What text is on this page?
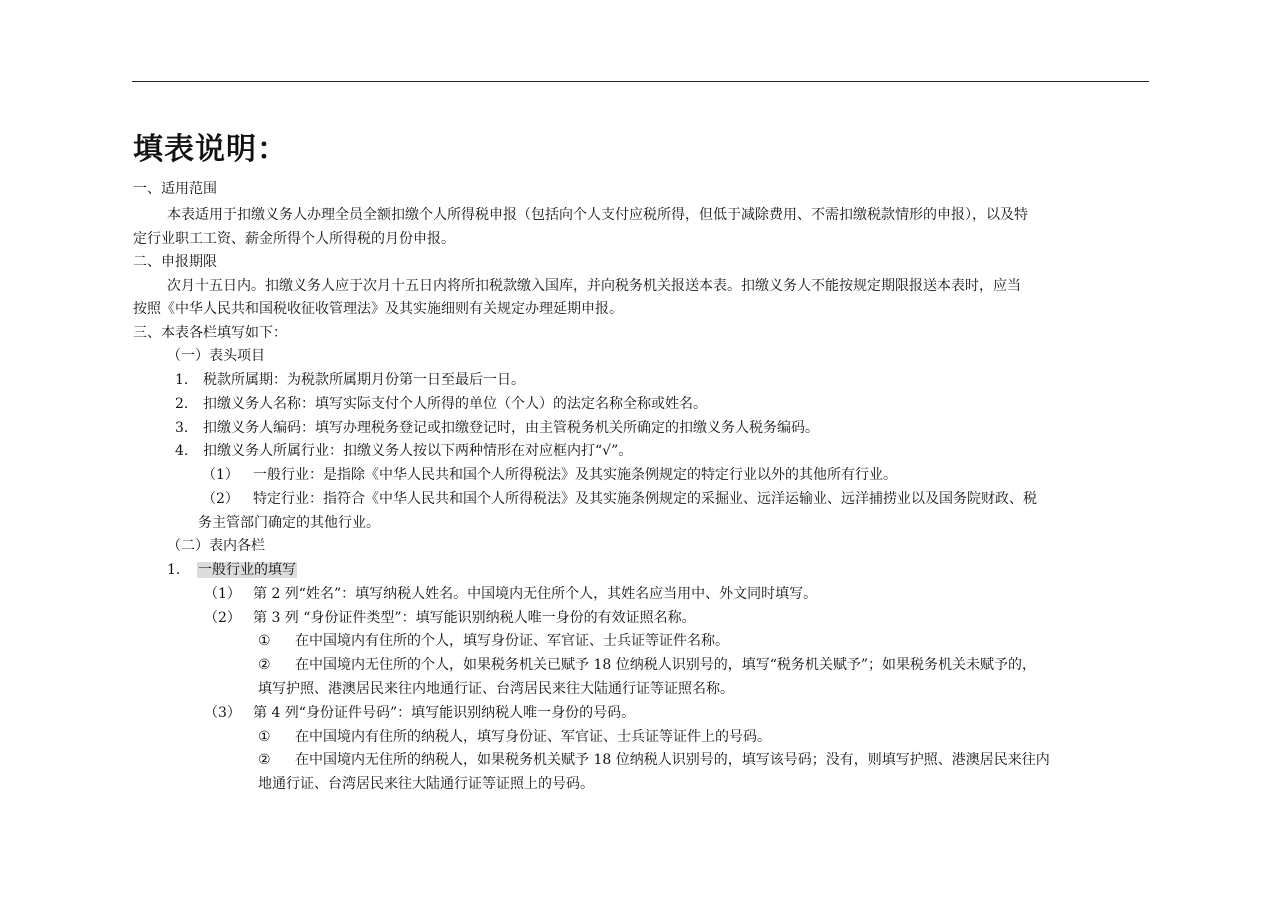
填表说明：
一、适用范围
本表适用于扣缴义务人办理全员全额扣缴个人所得税申报（包括向个人支付应税所得，但低于减除费用、不需扣缴税款情形的申报），以及特
定行业职工工资、薪金所得个人所得税的月份申报。
二、申报期限
次月十五日内。扣缴义务人应于次月十五日内将所扣税款缴入国库，并向税务机关报送本表。扣缴义务人不能按规定期限报送本表时，应当
按照《中华人民共和国税收征收管理法》及其实施细则有关规定办理延期申报。
三、本表各栏填写如下：
（一）表头项目
1. 税款所属期：为税款所属期月份第一日至最后一日。
2. 扣缴义务人名称：填写实际支付个人所得的单位（个人）的法定名称全称或姓名。
3. 扣缴义务人编码：填写办理税务登记或扣缴登记时，由主管税务机关所确定的扣缴义务人税务编码。
4. 扣缴义务人所属行业：扣缴义务人按以下两种情形在对应框内打“√”。
（1） 一般行业：是指除《中华人民共和国个人所得税法》及其实施条例规定的特定行业以外的其他所有行业。
（2） 特定行业：指符合《中华人民共和国个人所得税法》及其实施条例规定的采掘业、远洋运输业、远洋捕捞业以及国务院财政、税
务主管部门确定的其他行业。
（二）表内各栏
1. 一般行业的填写
（1） 第 2 列“姓名”：填写纳税人姓名。中国境内无住所个人，其姓名应当用中、外文同时填写。
（2） 第 3 列 “身份证件类型”：填写能识别纳税人唯一身份的有效证照名称。
① 在中国境内有住所的个人，填写身份证、军官证、士兵证等证件名称。
② 在中国境内无住所的个人，如果税务机关已赋予 18 位纳税人识别号的，填写“税务机关赋予”；如果税务机关未赋予的，
填写护照、港澳居民来往内地通行证、台湾居民来往大陆通行证等证照名称。
（3） 第 4 列“身份证件号码”：填写能识别纳税人唯一身份的号码。
① 在中国境内有住所的纳税人，填写身份证、军官证、士兵证等证件上的号码。
② 在中国境内无住所的纳税人，如果税务机关赋予 18 位纳税人识别号的，填写该号码；没有，则填写护照、港澳居民来往内
地通行证、台湾居民来往大陆通行证等证照上的号码。
